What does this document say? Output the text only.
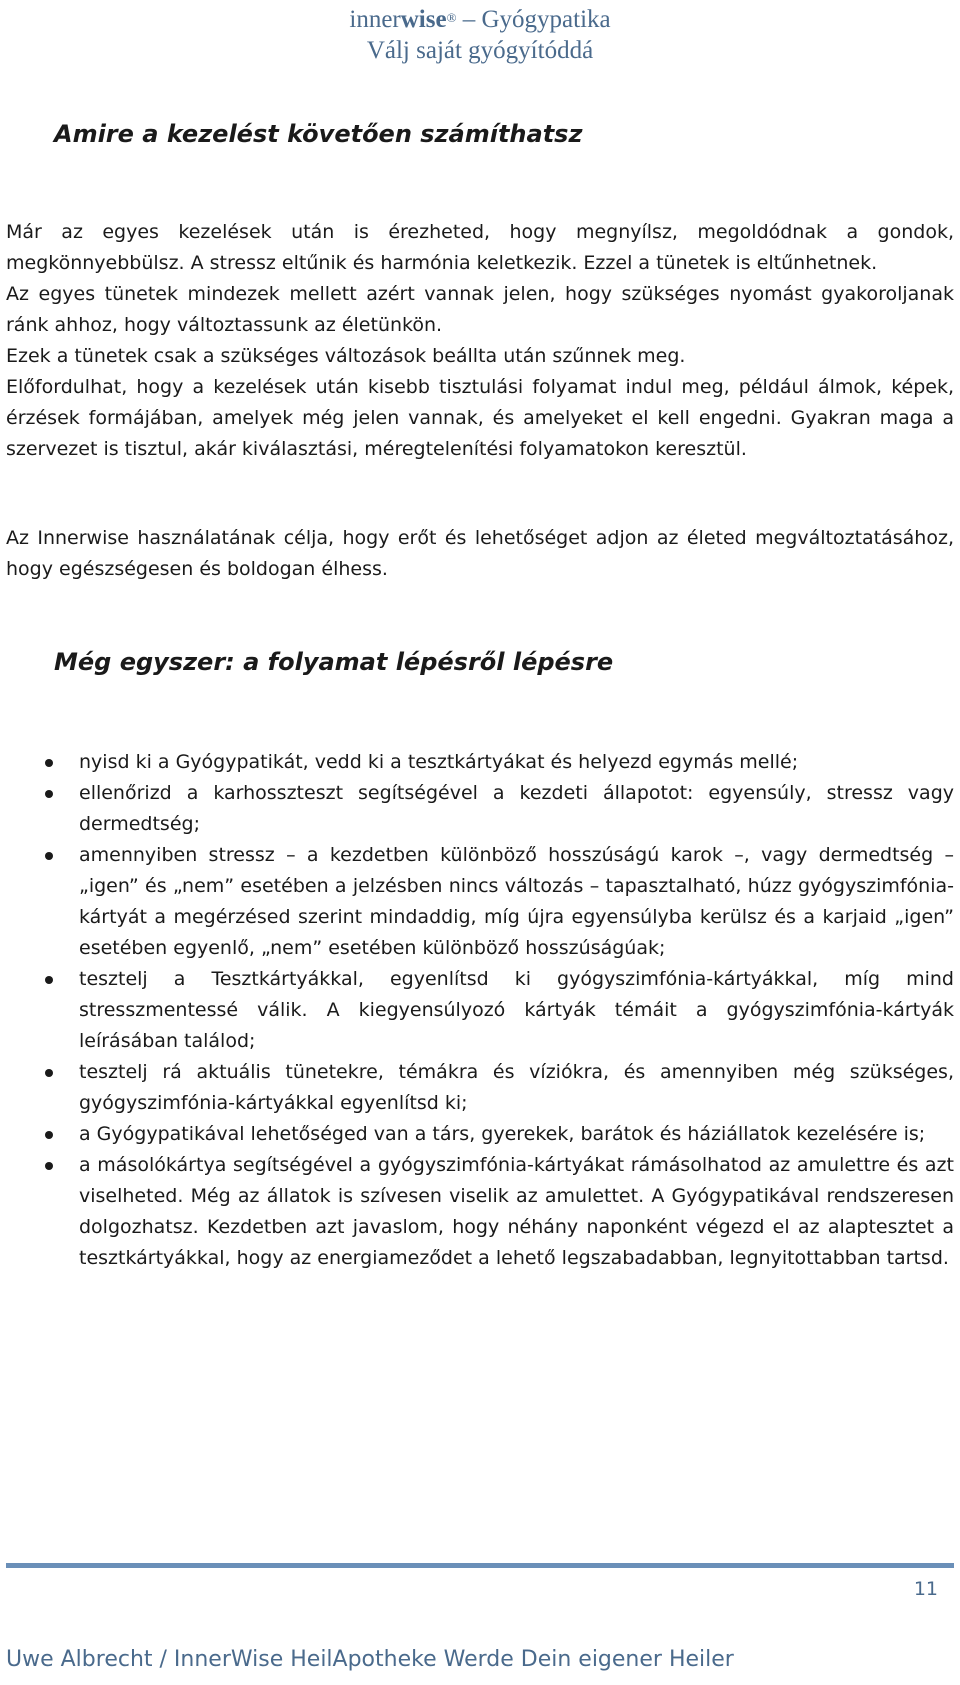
innerwise® – Gyógypatika
Válj saját gyógyítóddá
Amire a kezelést követően számíthatsz
Már az egyes kezelések után is érezheted, hogy megnyílsz, megoldódnak a gondok, megkönnyebbülsz. A stressz eltűnik és harmónia keletkezik. Ezzel a tünetek is eltűnhetnek.
Az egyes tünetek mindezek mellett azért vannak jelen, hogy szükséges nyomást gyakoroljanak ránk ahhoz, hogy változtassunk az életünkön.
Ezek a tünetek csak a szükséges változások beállta után szűnnek meg.
Előfordulhat, hogy a kezelések után kisebb tisztulási folyamat indul meg, például álmok, képek, érzések formájában, amelyek még jelen vannak, és amelyeket el kell engedni. Gyakran maga a szervezet is tisztul, akár kiválasztási, méregtelenítési folyamatokon keresztül.

Az Innerwise használatának célja, hogy erőt és lehetőséget adjon az életed megváltoztatásához, hogy egészségesen és boldogan élhess.

Még egyszer: a folyamat lépésről lépésre
nyisd ki a Gyógypatikát, vedd ki a tesztkártyákat és helyezd egymás mellé;
ellenőrizd a karhosszteszt segítségével a kezdeti állapotot: egyensúly, stressz vagy dermedtség;
amennyiben stressz – a kezdetben különböző hosszúságú karok –, vagy dermedtség – „igen” és „nem” esetében a jelzésben nincs változás – tapasztalható, húzz gyógyszimfónia-kártyát a megérzésed szerint mindaddig, míg újra egyensúlyba kerülsz és a karjaid „igen” esetében egyenlő, „nem” esetében különböző hosszúságúak;
tesztelj a Tesztkártyákkal, egyenlítsd ki gyógyszimfónia-kártyákkal, míg mind stresszmentessé válik. A kiegyensúlyozó kártyák témáit a gyógyszimfónia-kártyák leírásában találod;
tesztelj rá aktuális tünetekre, témákra és víziókra, és amennyiben még szükséges, gyógyszimfónia-kártyákkal egyenlítsd ki;
a Gyógypatikával lehetőséged van a társ, gyerekek, barátok és háziállatok kezelésére is;
a másolókártya segítségével a gyógyszimfónia-kártyákat rámásolhatod az amulettre és azt viselheted. Még az állatok is szívesen viselik az amulettet. A Gyógypatikával rendszeresen dolgozhatsz. Kezdetben azt javaslom, hogy néhány naponként végezd el az alaptesztet a tesztkártyákkal, hogy az energiameződet a lehető legszabadabban, legnyitottabban tartsd.
11
Uwe Albrecht / InnerWise HeilApotheke Werde Dein eigener Heiler
